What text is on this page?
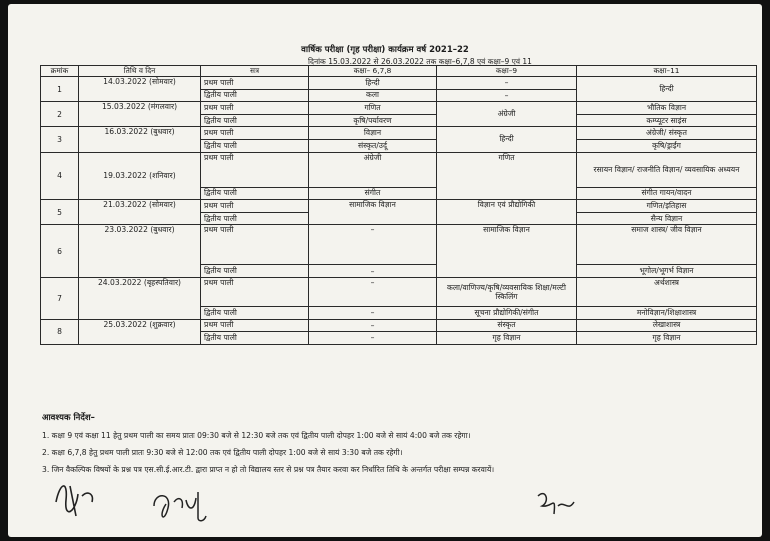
वार्षिक परीक्षा (गृह परीक्षा) कार्यक्रम वर्ष 2021–22
दिनांक 15.03.2022 से 26.03.2022 तक कक्षा–6,7,8 एवं कक्षा–9 एवं 11
क्रमांक	तिथि व दिन	सत्र	कक्षा– 6,7,8	कक्षा–9	कक्षा–11
1	14.03.2022 (सोमवार)	प्रथम पाली	हिन्दी	–	हिन्दी
		द्वितीय पाली	कला	–	
2	15.03.2022 (मंगलवार)	प्रथम पाली	गणित	अंग्रेजी	भौतिक विज्ञान
		द्वितीय पाली	कृषि/पर्यावरण		कम्प्यूटर साइंस
3	16.03.2022 (बुधवार)	प्रथम पाली	विज्ञान	हिन्दी	अंग्रेजी/ संस्कृत
		द्वितीय पाली	संस्कृत/उर्दू		कृषि/ड्राईंग
4	19.03.2022 (शनिवार)	प्रथम पाली	अंग्रेजी	गणित	रसायन विज्ञान/ राजनीति विज्ञान/ व्यवसायिक अध्ययन
		द्वितीय पाली	संगीत		संगीत गायन/वादन
5	21.03.2022 (सोमवार)	प्रथम पाली	सामाजिक विज्ञान	विज्ञान एवं प्रौद्योगिकी	गणित/इतिहास
		द्वितीय पाली			सैन्य विज्ञान
6	23.03.2022 (बुधवार)	प्रथम पाली	–	सामाजिक विज्ञान	समाज शास्त्र/ जीव विज्ञान
		द्वितीय पाली	–		भूगोल/भूगर्भ विज्ञान
7	24.03.2022 (बृहस्पतिवार)	प्रथम पाली	–	कला/वाणिज्य/कृषि/व्यवसायिक शिक्षा/मल्टी स्किलिंग	अर्थशास्त्र
		द्वितीय पाली	–	सूचना प्रौद्योगिकी/संगीत	मनोविज्ञान/शिक्षाशास्त्र
8	25.03.2022 (शुक्रवार)	प्रथम पाली	–	संस्कृत	लेखाशास्त्र
		द्वितीय पाली	–	गृह विज्ञान	गृह विज्ञान
आवश्यक निर्देश–
1. कक्षा 9 एवं कक्षा 11 हेतु प्रथम पाली का समय प्रातः 09:30 बजे से 12:30 बजे तक एवं द्वितीय पाली दोपहर 1:00 बजे से सायं 4:00 बजे तक रहेगा।
2. कक्षा 6,7,8 हेतु प्रथम पाली प्रातः 9:30 बजे से 12:00 तक एवं द्वितीय पाली दोपहर 1:00 बजे से सायं 3:30 बजे तक रहेगी।
3. जिन वैकल्पिक विषयों के प्रश्न पत्र एस.सी.ई.आर.टी. द्वारा प्राप्त न हो तो विद्यालय स्तर से प्रश्न पत्र तैयार करवा कर निर्धारित तिथि के अन्तर्गत परीक्षा सम्पन्न करवायें।
